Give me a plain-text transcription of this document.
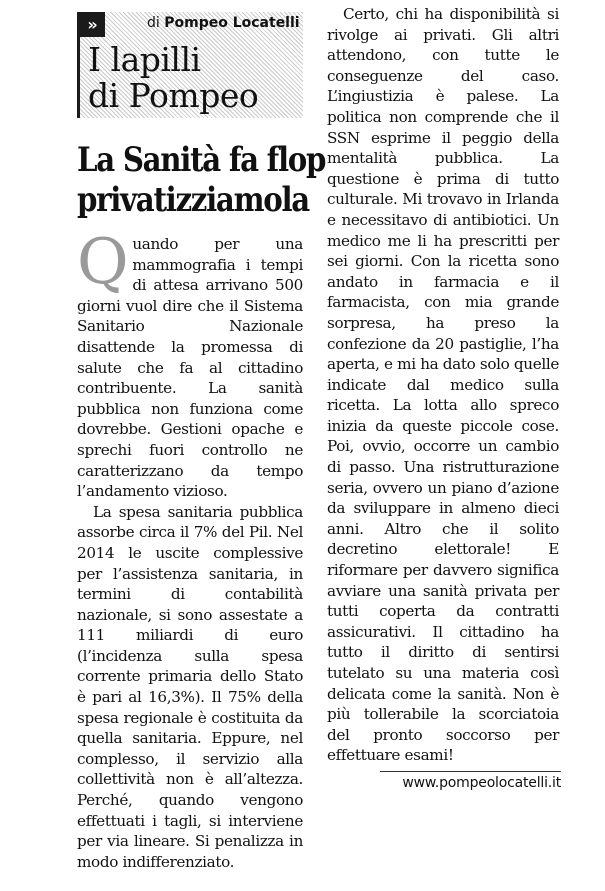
»	di Pompeo Locatelli
I lapilli
di Pompeo
La Sanità fa flop
privatizziamola

Quando per una mammografia i tempi di attesa arrivano 500 giorni vuol dire che il Sistema Sanitario Nazionale disattende la promessa di salute che fa al cittadino contribuente. La sanità pubblica non funziona come dovrebbe. Gestioni opache e sprechi fuori controllo ne caratterizzano da tempo l’andamento vizioso.

La spesa sanitaria pubblica assorbe circa il 7% del Pil. Nel 2014 le uscite complessive per l’assistenza sanitaria, in termini di contabilità nazionale, si sono assestate a 111 miliardi di euro (l’incidenza sulla spesa corrente primaria dello Stato è pari al 16,3%). Il 75% della spesa regionale è costituita da quella sanitaria. Eppure, nel complesso, il servizio alla collettività non è all’altezza. Perché, quando vengono effettuati i tagli, si interviene per via lineare. Si penalizza in modo indifferenziato.

Certo, chi ha disponibilità si rivolge ai privati. Gli altri attendono, con tutte le conseguenze del caso. L’ingiustizia è palese. La politica non comprende che il SSN esprime il peggio della mentalità pubblica. La questione è prima di tutto culturale. Mi trovavo in Irlanda e necessitavo di antibiotici. Un medico me li ha prescritti per sei giorni. Con la ricetta sono andato in farmacia e il farmacista, con mia grande sorpresa, ha preso la confezione da 20 pastiglie, l’ha aperta, e mi ha dato solo quelle indicate dal medico sulla ricetta. La lotta allo spreco inizia da queste piccole cose. Poi, ovvio, occorre un cambio di passo. Una ristrutturazione seria, ovvero un piano d’azione da sviluppare in almeno dieci anni. Altro che il solito decretino elettorale! E riformare per davvero significa avviare una sanità privata per tutti coperta da contratti assicurativi. Il cittadino ha tutto il diritto di sentirsi tutelato su una materia così delicata come la sanità. Non è più tollerabile la scorciatoia del pronto soccorso per effettuare esami!

www.pompeolocatelli.it
